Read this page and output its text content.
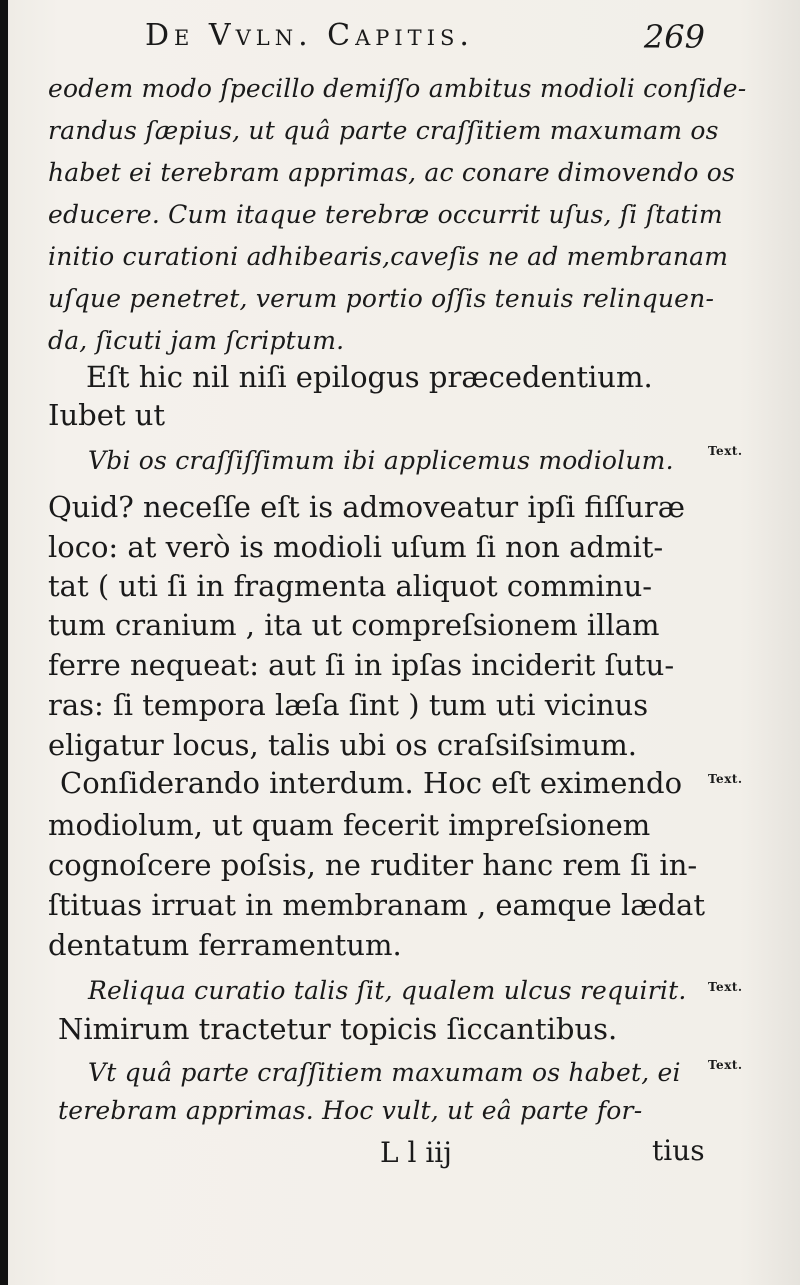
De Vvln. Capitis.	269
eodem modo ſpecillo demiſſo ambitus modioli conſide-
randus ſæpius, ut quâ parte craſſitiem maxumam os
habet ei terebram apprimas, ac conare dimovendo os
educere. Cum itaque terebræ occurrit uſus, ſi ſtatim
initio curationi adhibearis,caveſis ne ad membranam
uſque penetret, verum portio oſſis tenuis relinquen-
da, ſicuti jam ſcriptum.
Eſt hic nil niſi epilogus præcedentium.
Iubet ut
Vbi os craſſiſſimum ibi applicemus modiolum.
Quid? neceſſe eſt is admoveatur ipſi fiſſuræ
loco: at verò is modioli uſum ſi non admit-
tat ( uti ſi in fragmenta aliquot comminu-
tum cranium , ita ut compreſsionem illam
ferre nequeat: aut ſi in ipſas inciderit ſutu-
ras: ſi tempora læſa ſint ) tum uti vicinus
eligatur locus, talis ubi os craſsiſsimum.
Conſiderando interdum. Hoc eſt eximendo
modiolum, ut quam fecerit impreſsionem
cognoſcere poſsis, ne ruditer hanc rem ſi in-
ſtituas irruat in membranam , eamque lædat
dentatum ferramentum.
Reliqua curatio talis ſit, qualem ulcus requirit.
Nimirum tractetur topicis ſiccantibus.
Vt quâ parte craſſitiem maxumam os habet, ei
terebram apprimas. Hoc vult, ut eâ parte for-
Text.
Text.
Text.
Text.
L l iij	tius
